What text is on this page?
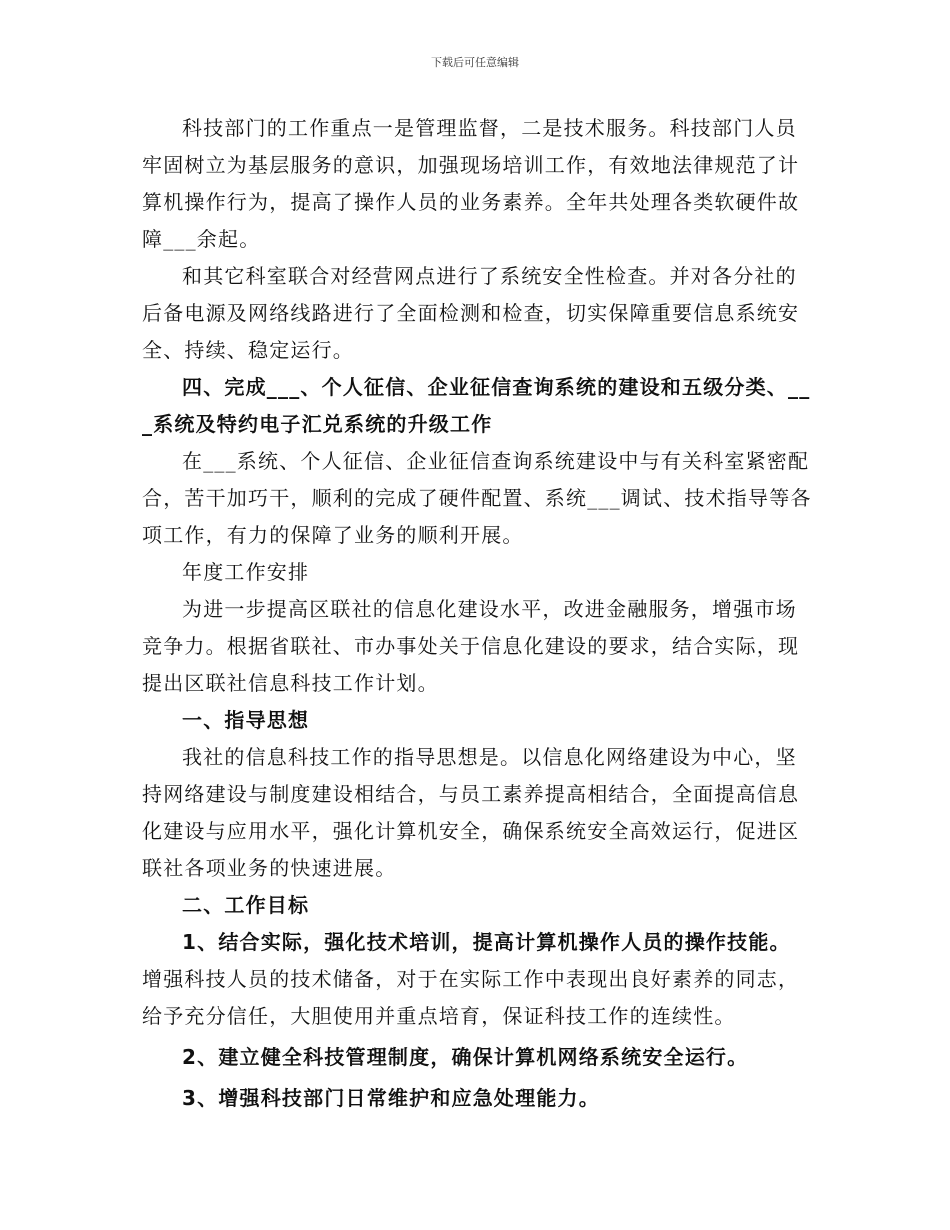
下载后可任意编辑

科技部门的工作重点一是管理监督，二是技术服务。科技部门人员牢固树立为基层服务的意识，加强现场培训工作，有效地法律规范了计算机操作行为，提高了操作人员的业务素养。全年共处理各类软硬件故障___余起。

和其它科室联合对经营网点进行了系统安全性检查。并对各分社的后备电源及网络线路进行了全面检测和检查，切实保障重要信息系统安全、持续、稳定运行。

四、完成___、个人征信、企业征信查询系统的建设和五级分类、___系统及特约电子汇兑系统的升级工作

在___系统、个人征信、企业征信查询系统建设中与有关科室紧密配合，苦干加巧干，顺利的完成了硬件配置、系统___调试、技术指导等各项工作，有力的保障了业务的顺利开展。

年度工作安排

为进一步提高区联社的信息化建设水平，改进金融服务，增强市场竞争力。根据省联社、市办事处关于信息化建设的要求，结合实际，现提出区联社信息科技工作计划。

一、指导思想

我社的信息科技工作的指导思想是。以信息化网络建设为中心，坚持网络建设与制度建设相结合，与员工素养提高相结合，全面提高信息化建设与应用水平，强化计算机安全，确保系统安全高效运行，促进区联社各项业务的快速进展。

二、工作目标

1、结合实际，强化技术培训，提高计算机操作人员的操作技能。

增强科技人员的技术储备，对于在实际工作中表现出良好素养的同志，给予充分信任，大胆使用并重点培育，保证科技工作的连续性。

2、建立健全科技管理制度，确保计算机网络系统安全运行。

3、增强科技部门日常维护和应急处理能力。
